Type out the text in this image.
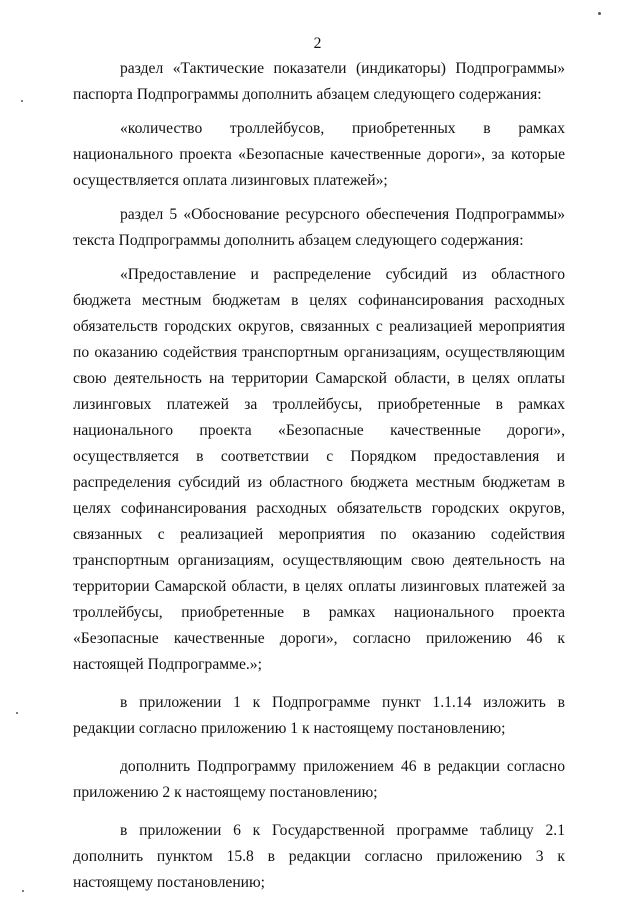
2

раздел «Тактические показатели (индикаторы) Подпрограммы» паспорта Подпрограммы дополнить абзацем следующего содержания:

«количество троллейбусов, приобретенных в рамках национального проекта «Безопасные качественные дороги», за которые осуществляется оплата лизинговых платежей»;

раздел 5 «Обоснование ресурсного обеспечения Подпрограммы» текста Подпрограммы дополнить абзацем следующего содержания:

«Предоставление и распределение субсидий из областного бюджета местным бюджетам в целях софинансирования расходных обязательств городских округов, связанных с реализацией мероприятия по оказанию содействия транспортным организациям, осуществляющим свою деятельность на территории Самарской области, в целях оплаты лизинговых платежей за троллейбусы, приобретенные в рамках национального проекта «Безопасные качественные дороги», осуществляется в соответствии с Порядком предоставления и распределения субсидий из областного бюджета местным бюджетам в целях софинансирования расходных обязательств городских округов, связанных с реализацией мероприятия по оказанию содействия транспортным организациям, осуществляющим свою деятельность на территории Самарской области, в целях оплаты лизинговых платежей за троллейбусы, приобретенные в рамках национального проекта «Безопасные качественные дороги», согласно приложению 46 к настоящей Подпрограмме.»;

в приложении 1 к Подпрограмме пункт 1.1.14 изложить в редакции согласно приложению 1 к настоящему постановлению;

дополнить Подпрограмму приложением 46 в редакции согласно приложению 2 к настоящему постановлению;

в приложении 6 к Государственной программе таблицу 2.1 дополнить пунктом 15.8 в редакции согласно приложению 3 к настоящему постановлению;
